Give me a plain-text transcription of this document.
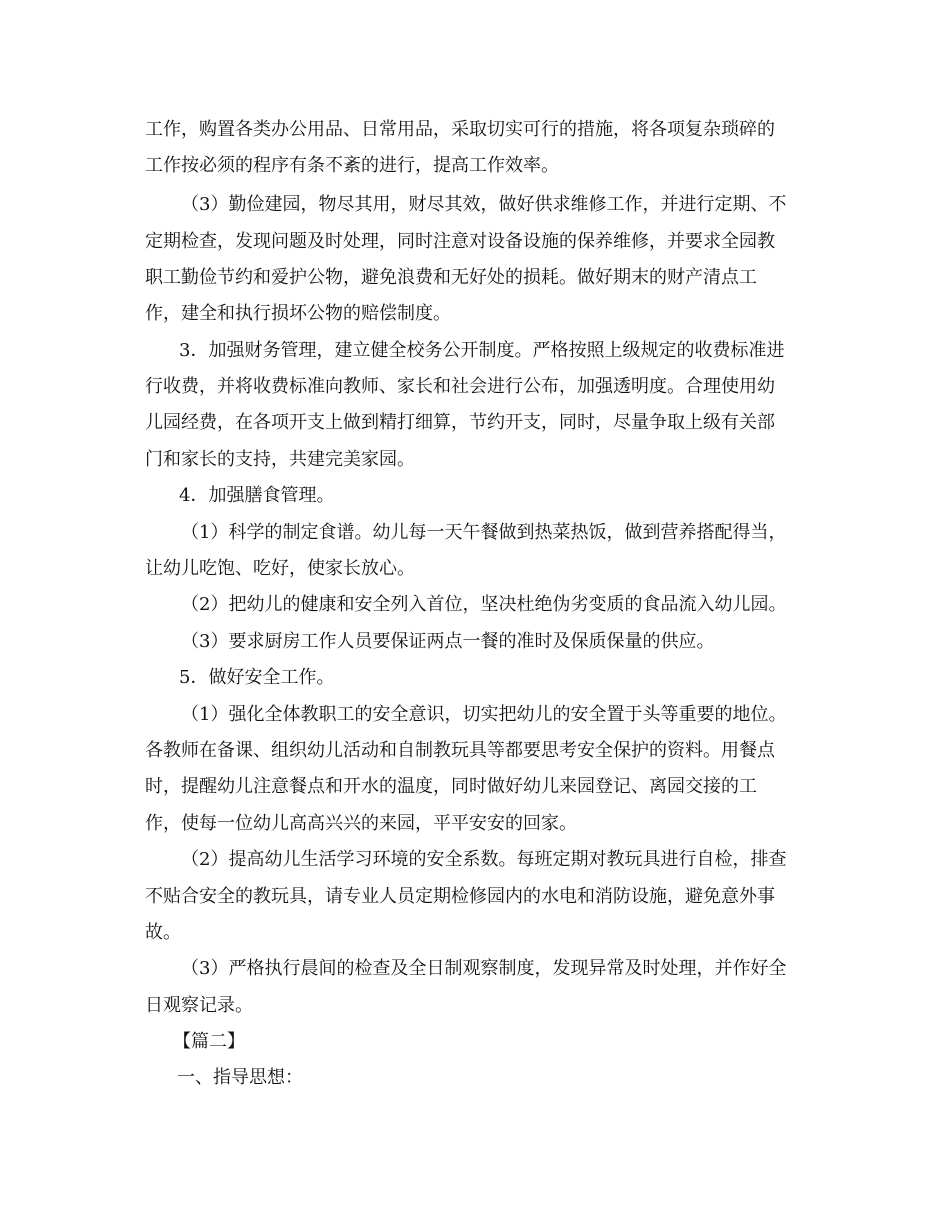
工作，购置各类办公用品、日常用品，采取切实可行的措施，将各项复杂琐碎的
工作按必须的程序有条不紊的进行，提高工作效率。
（3）勤俭建园，物尽其用，财尽其效，做好供求维修工作，并进行定期、不
定期检查，发现问题及时处理，同时注意对设备设施的保养维修，并要求全园教
职工勤俭节约和爱护公物，避免浪费和无好处的损耗。做好期末的财产清点工
作，建全和执行损坏公物的赔偿制度。
3．加强财务管理，建立健全校务公开制度。严格按照上级规定的收费标准进
行收费，并将收费标准向教师、家长和社会进行公布，加强透明度。合理使用幼
儿园经费，在各项开支上做到精打细算，节约开支，同时，尽量争取上级有关部
门和家长的支持，共建完美家园。
4．加强膳食管理。
（1）科学的制定食谱。幼儿每一天午餐做到热菜热饭，做到营养搭配得当，
让幼儿吃饱、吃好，使家长放心。
（2）把幼儿的健康和安全列入首位，坚决杜绝伪劣变质的食品流入幼儿园。
（3）要求厨房工作人员要保证两点一餐的准时及保质保量的供应。
5．做好安全工作。
（1）强化全体教职工的安全意识，切实把幼儿的安全置于头等重要的地位。
各教师在备课、组织幼儿活动和自制教玩具等都要思考安全保护的资料。用餐点
时，提醒幼儿注意餐点和开水的温度，同时做好幼儿来园登记、离园交接的工
作，使每一位幼儿高高兴兴的来园，平平安安的回家。
（2）提高幼儿生活学习环境的安全系数。每班定期对教玩具进行自检，排查
不贴合安全的教玩具，请专业人员定期检修园内的水电和消防设施，避免意外事
故。
（3）严格执行晨间的检查及全日制观察制度，发现异常及时处理，并作好全
日观察记录。
【篇二】
一、指导思想：
